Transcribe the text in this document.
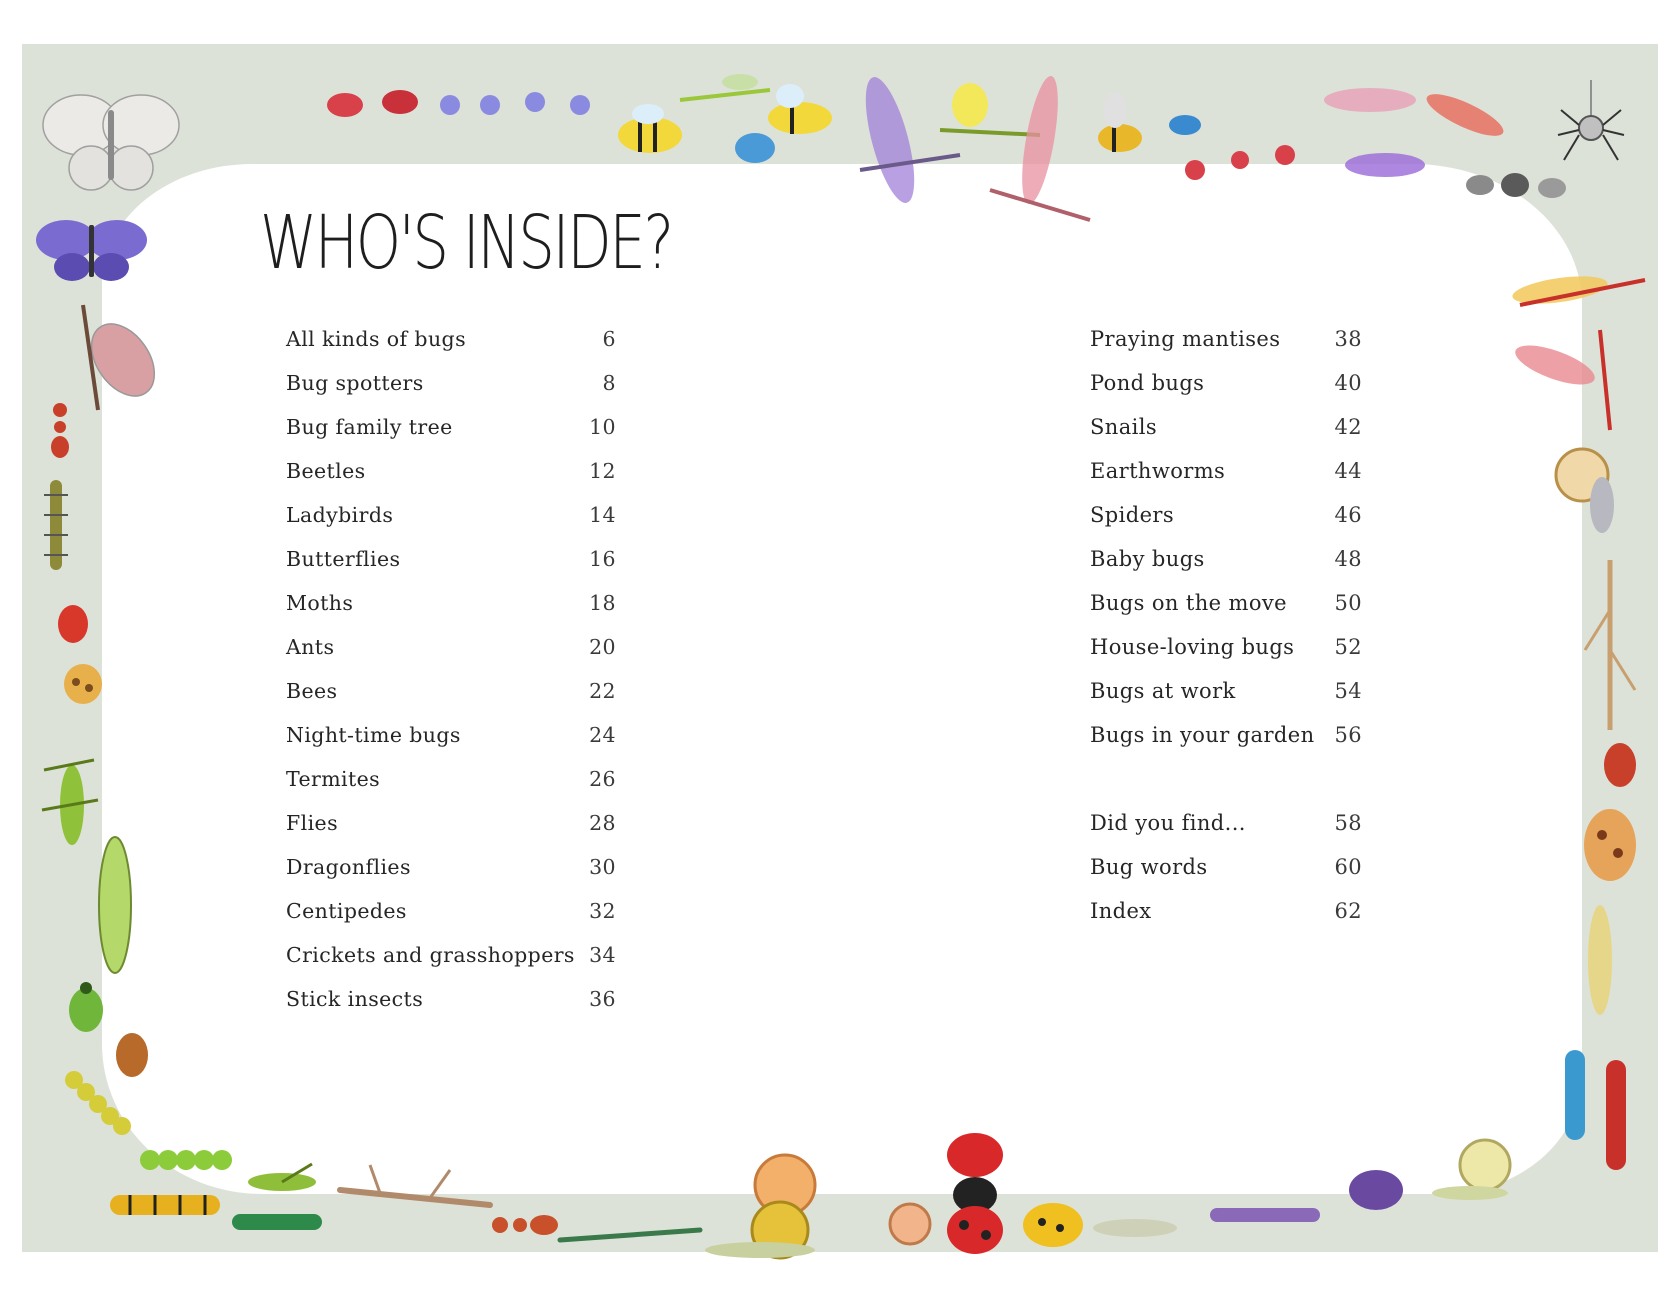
WHO'S INSIDE?
All kinds of bugs	6
Bug spotters	8
Bug family tree	10
Beetles	12
Ladybirds	14
Butterflies	16
Moths	18
Ants	20
Bees	22
Night-time bugs	24
Termites	26
Flies	28
Dragonflies	30
Centipedes	32
Crickets and grasshoppers 34
Stick insects	36
Praying mantises	38
Pond bugs	40
Snails	42
Earthworms	44
Spiders	46
Baby bugs	48
Bugs on the move 50
House-loving bugs 52
Bugs at work	54
Bugs in your garden 56
Did you find...	58
Bug words	60
Index	62
